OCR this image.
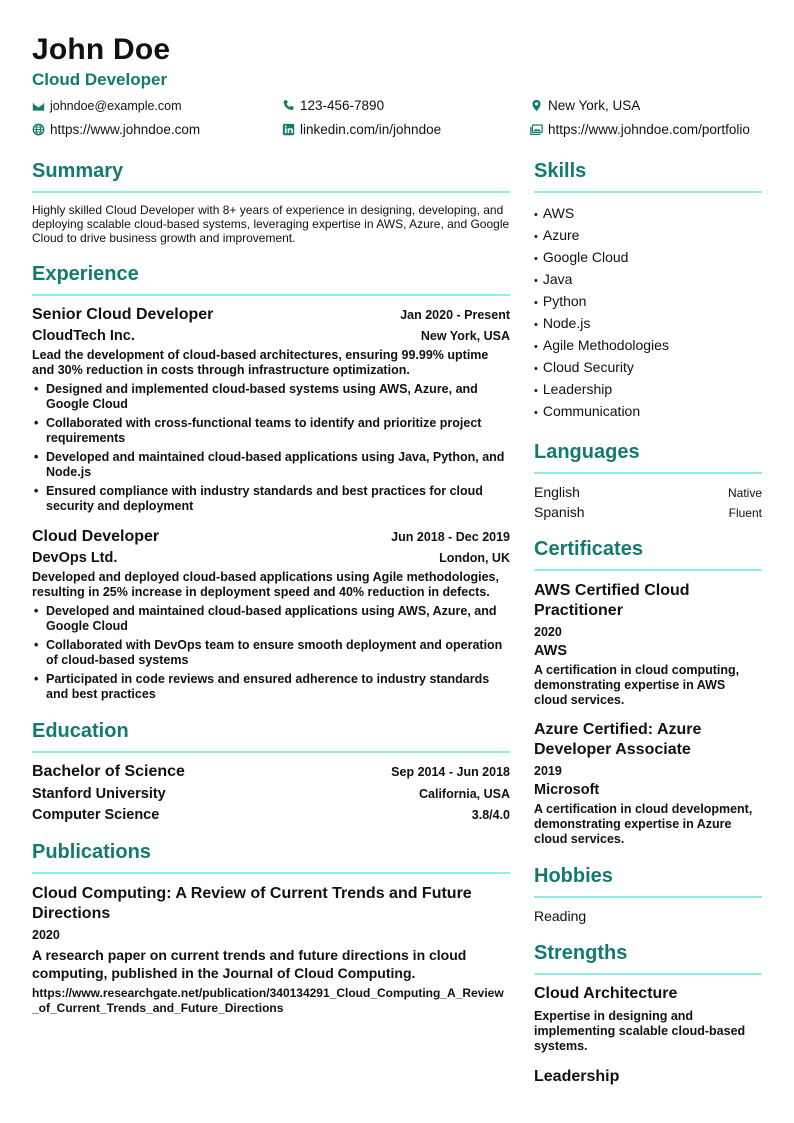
John Doe
Cloud Developer
johndoe@example.com	123-456-7890	New York, USA
https://www.johndoe.com	linkedin.com/in/johndoe	https://www.johndoe.com/portfolio
Summary
Highly skilled Cloud Developer with 8+ years of experience in designing, developing, and deploying scalable cloud-based systems, leveraging expertise in AWS, Azure, and Google Cloud to drive business growth and improvement.
Experience
Senior Cloud Developer	Jan 2020 - Present
CloudTech Inc.	New York, USA
Lead the development of cloud-based architectures, ensuring 99.99% uptime and 30% reduction in costs through infrastructure optimization.
• Designed and implemented cloud-based systems using AWS, Azure, and Google Cloud
• Collaborated with cross-functional teams to identify and prioritize project requirements
• Developed and maintained cloud-based applications using Java, Python, and Node.js
• Ensured compliance with industry standards and best practices for cloud security and deployment
Cloud Developer	Jun 2018 - Dec 2019
DevOps Ltd.	London, UK
Developed and deployed cloud-based applications using Agile methodologies, resulting in 25% increase in deployment speed and 40% reduction in defects.
• Developed and maintained cloud-based applications using AWS, Azure, and Google Cloud
• Collaborated with DevOps team to ensure smooth deployment and operation of cloud-based systems
• Participated in code reviews and ensured adherence to industry standards and best practices
Education
Bachelor of Science	Sep 2014 - Jun 2018
Stanford University	California, USA
Computer Science	3.8/4.0
Publications
Cloud Computing: A Review of Current Trends and Future Directions
2020
A research paper on current trends and future directions in cloud computing, published in the Journal of Cloud Computing.
https://www.researchgate.net/publication/340134291_Cloud_Computing_A_Review_of_Current_Trends_and_Future_Directions
Skills
• AWS
• Azure
• Google Cloud
• Java
• Python
• Node.js
• Agile Methodologies
• Cloud Security
• Leadership
• Communication
Languages
English	Native
Spanish	Fluent
Certificates
AWS Certified Cloud Practitioner
2020
AWS
A certification in cloud computing, demonstrating expertise in AWS cloud services.
Azure Certified: Azure Developer Associate
2019
Microsoft
A certification in cloud development, demonstrating expertise in Azure cloud services.
Hobbies
Reading
Strengths
Cloud Architecture
Expertise in designing and implementing scalable cloud-based systems.
Leadership
